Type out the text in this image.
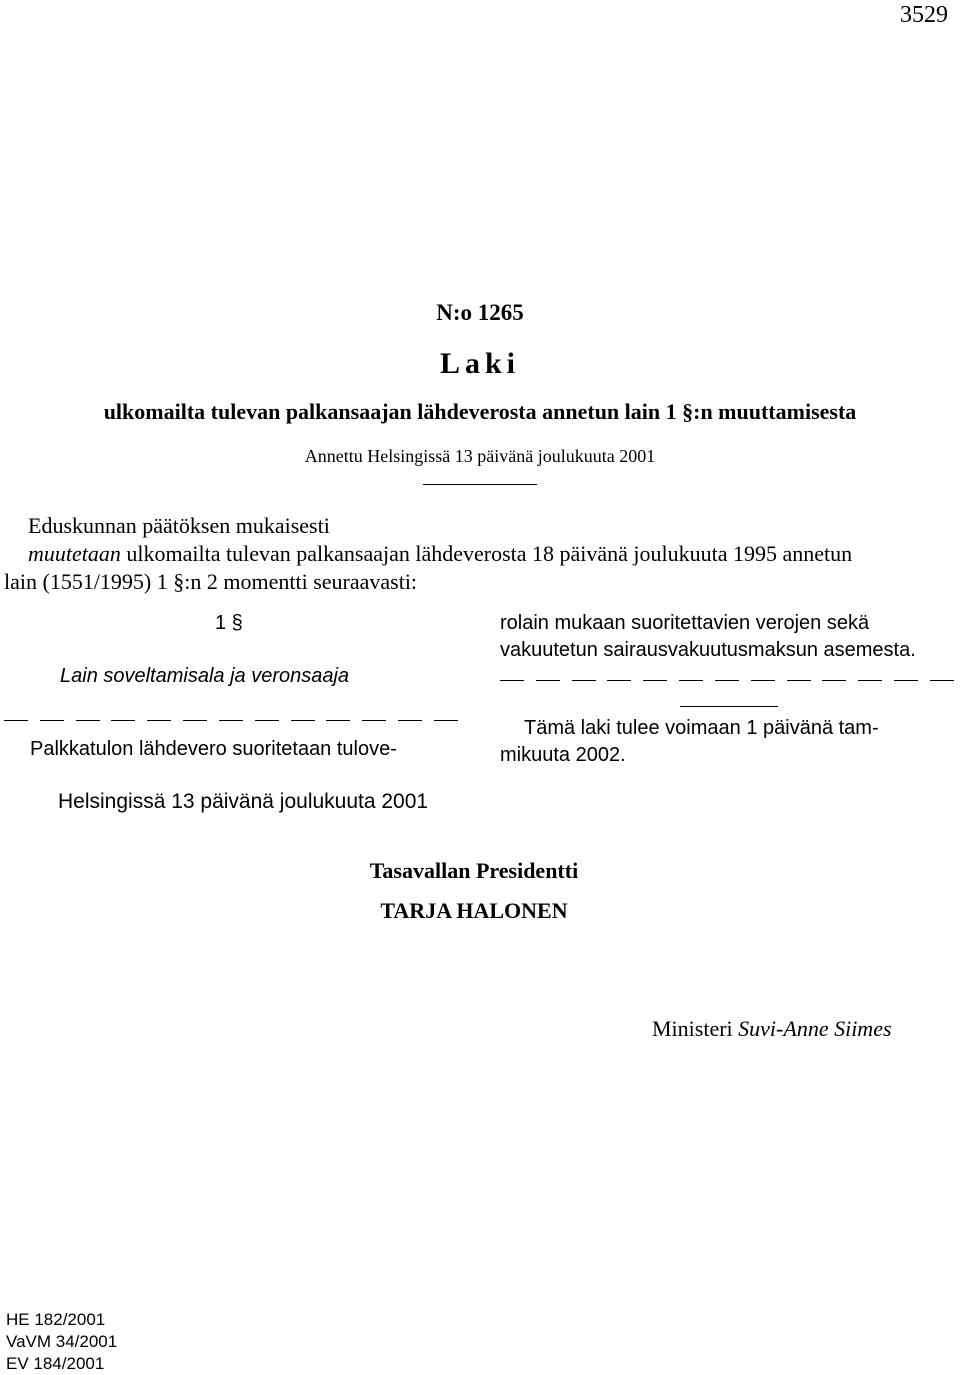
3529
N:o 1265
Laki
ulkomailta tulevan palkansaajan lähdeverosta annetun lain 1 §:n muuttamisesta
Annettu Helsingissä 13 päivänä joulukuuta 2001
Eduskunnan päätöksen mukaisesti
muutetaan ulkomailta tulevan palkansaajan lähdeverosta 18 päivänä joulukuuta 1995 annetun
lain (1551/1995) 1 §:n 2 momentti seuraavasti:
1 §
Lain soveltamisala ja veronsaaja
Palkkatulon lähdevero suoritetaan tulove-
rolain mukaan suoritettavien verojen sekä
vakuutetun sairausvakuutusmaksun asemesta.
Tämä laki tulee voimaan 1 päivänä tam-
mikuuta 2002.
Helsingissä 13 päivänä joulukuuta 2001
Tasavallan Presidentti
TARJA HALONEN
Ministeri Suvi-Anne Siimes
HE 182/2001
VaVM 34/2001
EV 184/2001
